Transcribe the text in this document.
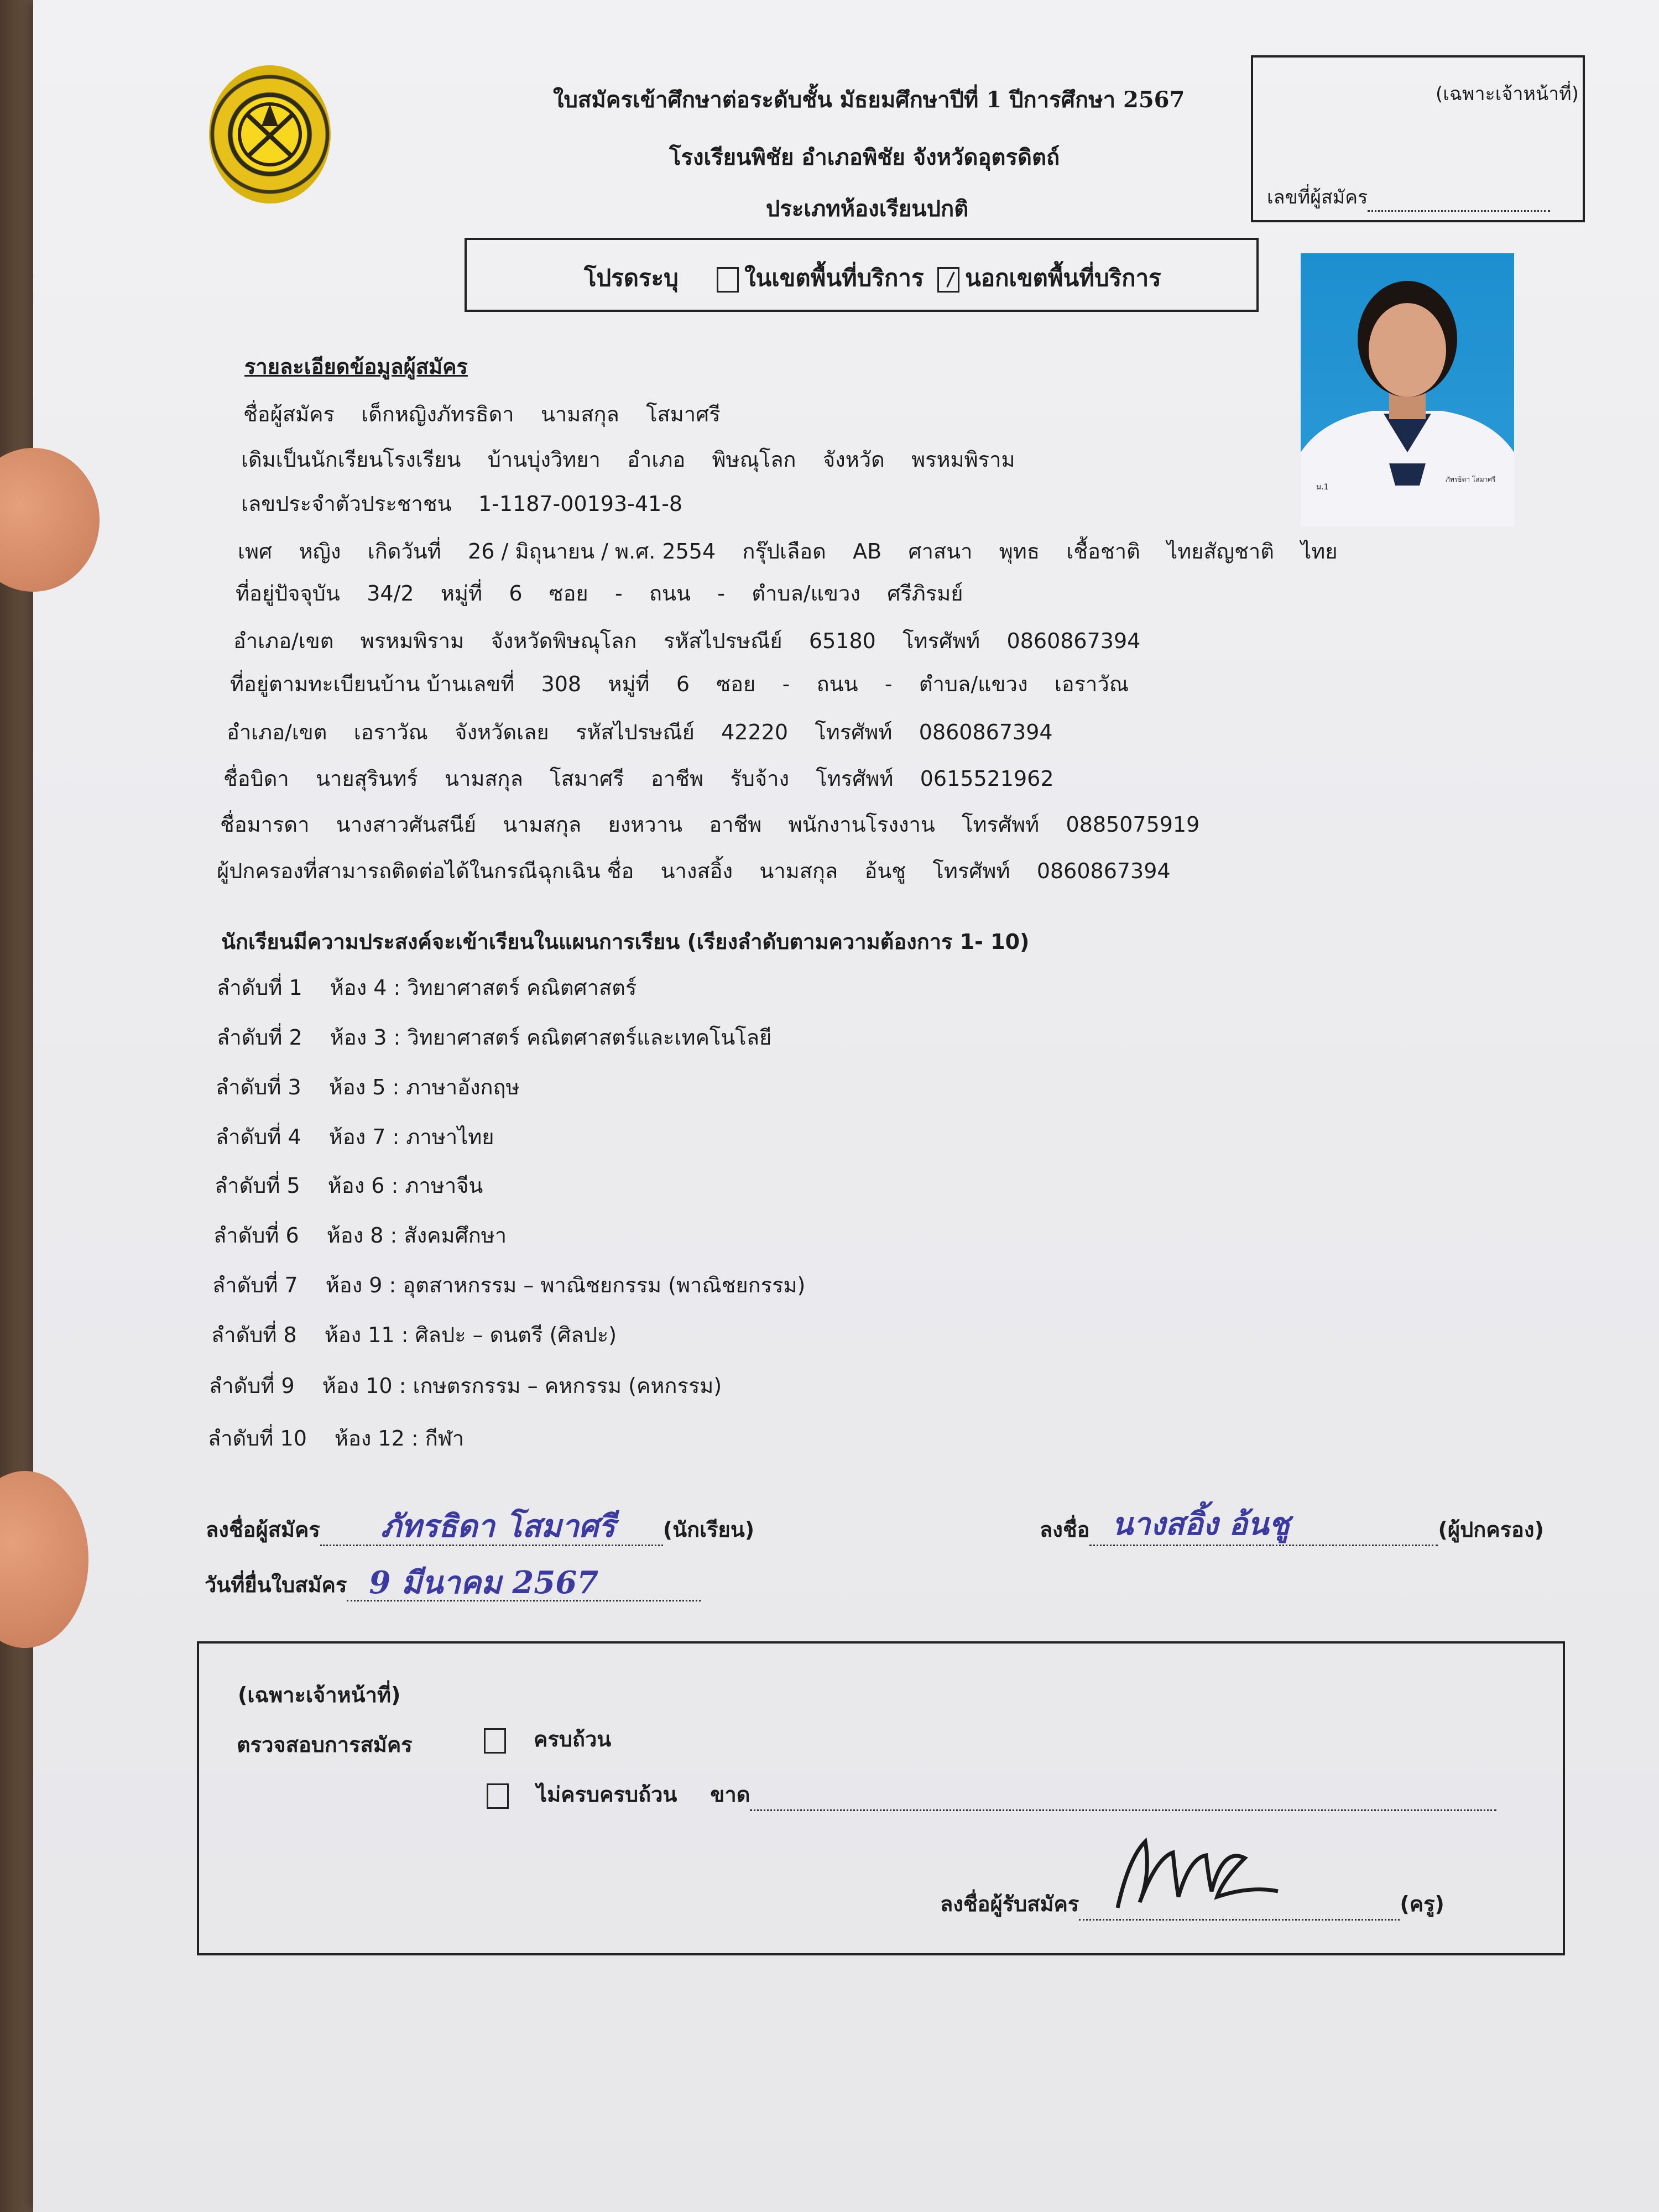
ใบสมัครเข้าศึกษาต่อระดับชั้น มัธยมศึกษาปีที่ 1 ปีการศึกษา 2567
โรงเรียนพิชัย อำเภอพิชัย จังหวัดอุตรดิตถ์
ประเภทห้องเรียนปกติ
(เฉพาะเจ้าหน้าที่)
เลขที่ผู้สมัคร
โปรดระบุ	ในเขตพื้นที่บริการ นอกเขตพื้นที่บริการ
ม.1
ภัทรธิดา โสมาศรี
รายละเอียดข้อมูลผู้สมัคร
ชื่อผู้สมัคร    เด็กหญิงภัทรธิดา    นามสกุล    โสมาศรี
เดิมเป็นนักเรียนโรงเรียน    บ้านบุ่งวิทยา    อำเภอ    พิษณุโลก    จังหวัด    พรหมพิราม
เลขประจำตัวประชาชน    1-1187-00193-41-8
เพศ    หญิง    เกิดวันที่    26 / มิถุนายน / พ.ศ. 2554    กรุ๊ปเลือด    AB    ศาสนา    พุทธ    เชื้อชาติ    ไทยสัญชาติ    ไทย
ที่อยู่ปัจจุบัน    34/2    หมู่ที่    6    ซอย    -    ถนน    -    ตำบล/แขวง    ศรีภิรมย์
อำเภอ/เขต    พรหมพิราม    จังหวัดพิษณุโลก    รหัสไปรษณีย์    65180    โทรศัพท์    0860867394
ที่อยู่ตามทะเบียนบ้าน บ้านเลขที่    308    หมู่ที่    6    ซอย    -    ถนน    -    ตำบล/แขวง    เอราวัณ
อำเภอ/เขต    เอราวัณ    จังหวัดเลย    รหัสไปรษณีย์    42220    โทรศัพท์    0860867394
ชื่อบิดา    นายสุรินทร์    นามสกุล    โสมาศรี    อาชีพ    รับจ้าง    โทรศัพท์    0615521962
ชื่อมารดา    นางสาวศันสนีย์    นามสกุล    ยงหวาน    อาชีพ    พนักงานโรงงาน    โทรศัพท์    0885075919
ผู้ปกครองที่สามารถติดต่อได้ในกรณีฉุกเฉิน ชื่อ    นางสอิ้ง    นามสกุล    อ้นชู    โทรศัพท์    0860867394
นักเรียนมีความประสงค์จะเข้าเรียนในแผนการเรียน (เรียงลำดับตามความต้องการ 1- 10)
ลำดับที่ 1 ห้อง 4 : วิทยาศาสตร์ คณิตศาสตร์
ลำดับที่ 2 ห้อง 3 : วิทยาศาสตร์ คณิตศาสตร์และเทคโนโลยี
ลำดับที่ 3 ห้อง 5 : ภาษาอังกฤษ
ลำดับที่ 4 ห้อง 7 : ภาษาไทย
ลำดับที่ 5 ห้อง 6 : ภาษาจีน
ลำดับที่ 6 ห้อง 8 : สังคมศึกษา
ลำดับที่ 7 ห้อง 9 : อุตสาหกรรม – พาณิชยกรรม (พาณิชยกรรม)
ลำดับที่ 8 ห้อง 11 : ศิลปะ – ดนตรี (ศิลปะ)
ลำดับที่ 9 ห้อง 10 : เกษตรกรรม – คหกรรม (คหกรรม)
ลำดับที่ 10 ห้อง 12 : กีฬา
ลงชื่อผู้สมัคร ภัทรธิดา โสมาศรี (นักเรียน)	ลงชื่อ นางสอิ้ง อ้นชู	(ผู้ปกครอง)
วันที่ยื่นใบสมัคร 9 มีนาคม 2567
(เฉพาะเจ้าหน้าที่)
ตรวจสอบการสมัคร	ครบถ้วน
ไม่ครบครบถ้วน ขาด
ลงชื่อผู้รับสมัคร	(ครู)
